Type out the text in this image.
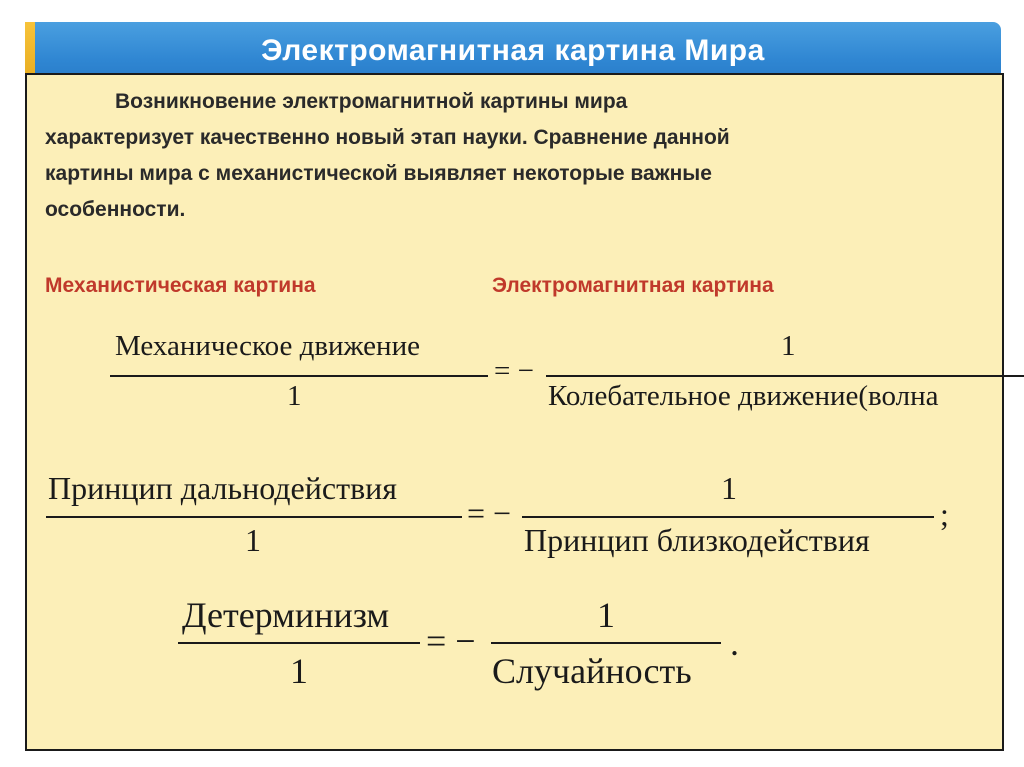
Электромагнитная картина Мира
Возникновение электромагнитной картины мира
характеризует качественно новый этап науки. Сравнение данной
картины мира с механистической выявляет некоторые важные
особенности.
Механистическая картина	Электромагнитная картина
Механическое движение
1
= −
1
Колебательное движение(волна
Принцип дальнодействия
1
= −
1
Принцип близкодействия
;
Детерминизм
1
= −
1
Случайность
.
